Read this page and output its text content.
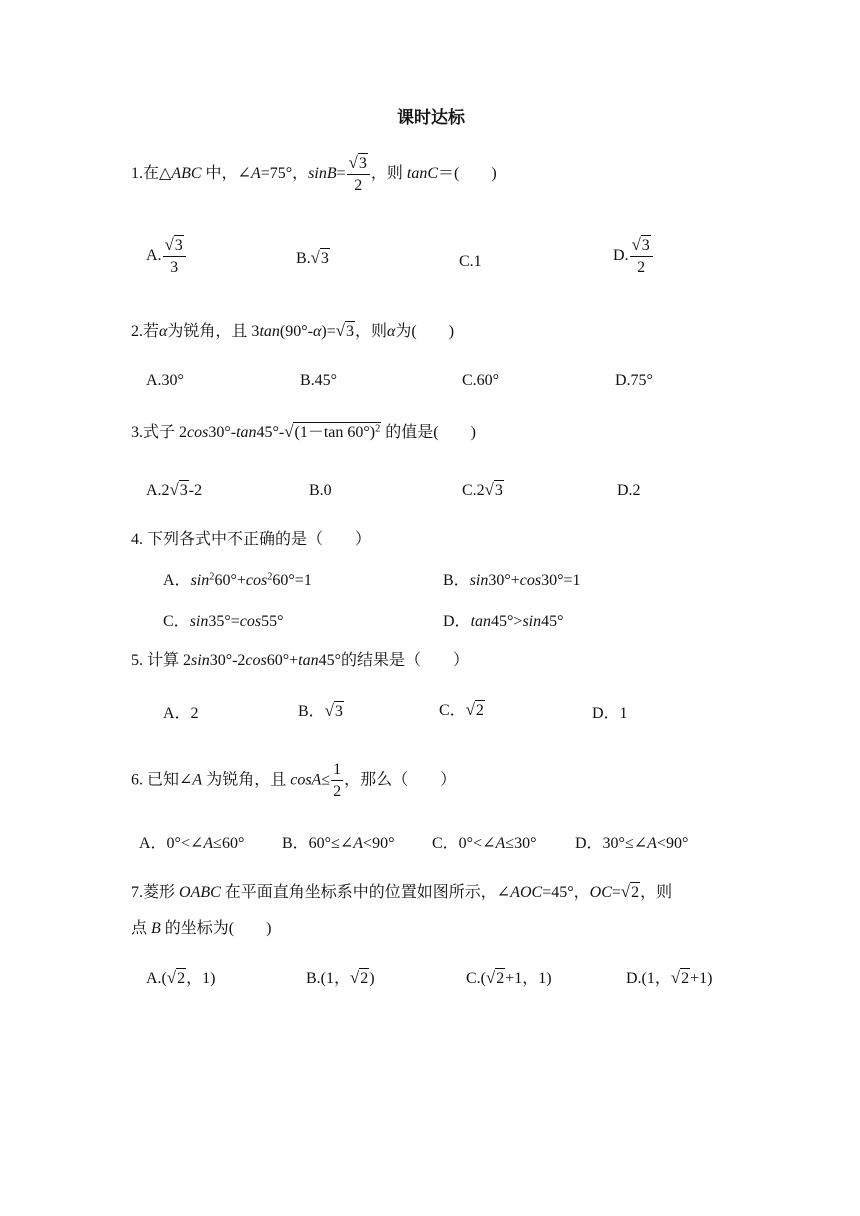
课时达标
1.在△ABC 中，∠A=75°，$\sin B= \frac{√3}{2}$ ，则 tanC＝(　　)
A. $\frac{√3}{3}$	B.√3	C.1	D. $\frac{√3}{2}$
2.若α为锐角，且 3tan(90°-α)=√3，则α为(　　)
A.30°	B.45°	C.60°	D.75°
3.式子 2cos30°-tan45°-√(1－tan 60°)$^2$ 的值是(　　)
A.2√3-2	B.0	C.2√3	D.2
4. 下列各式中不正确的是（　　）
A．$\sin^260^\circ+\cos^260^\circ=1$	B．sin30°+cos30°=1
C．sin35°=cos55°	D．tan45°>sin45°
5. 计算 2sin30°-2cos60°+tan45°的结果是（　　）
A．2	B．√3	C．√2	D．1
6. 已知∠A 为锐角，且 $\cos A\le \frac{1}{2}$ ，那么（　　）
A．0°<∠A≤60° B．60°≤∠A<90° C．0°<∠A≤30° D．30°≤∠A<90°
7.菱形 OABC 在平面直角坐标系中的位置如图所示，∠AOC=45°，OC=√2，则
点 B 的坐标为(　　)
A.(√2，1)	B.(1，√2)	C.(√2+1，1)	D.(1，√2+1)
